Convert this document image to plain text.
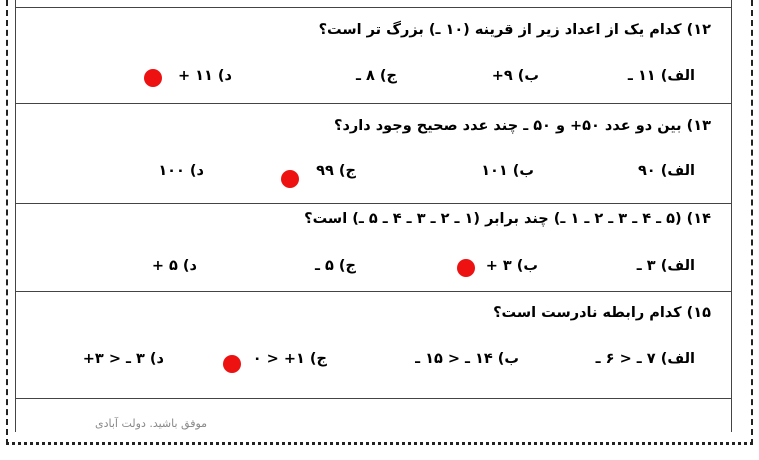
۱۲) کدام یک از اعداد زیر از قرینه (۱۰ ـ) بزرگ تر است؟
الف) ۱۱ ـ
ب) ۹+
ج) ۸ ـ
د) ۱۱ +
۱۳) بین دو عدد ۵۰+ و ۵۰ ـ چند عدد صحیح وجود دارد؟
الف) ۹۰
ب) ۱۰۱
ج) ۹۹
د) ۱۰۰
۱۴) (۵ ـ ۴ ـ ۳ ـ ۲ ـ ۱ ـ) چند برابر (۱ ـ ۲ ـ ۳ ـ ۴ ـ ۵ ـ) است؟
الف) ۳ ـ
ب) ۳ +
ج) ۵ ـ
د) ۵ +
۱۵) کدام رابطه نادرست است؟
الف) ۷ ـ < ۶ ـ
ب) ۱۴ ـ < ۱۵ ـ
ج) ۱+ < ۰
د) ۳ ـ < ۳+
موفق باشید. دولت آبادی
